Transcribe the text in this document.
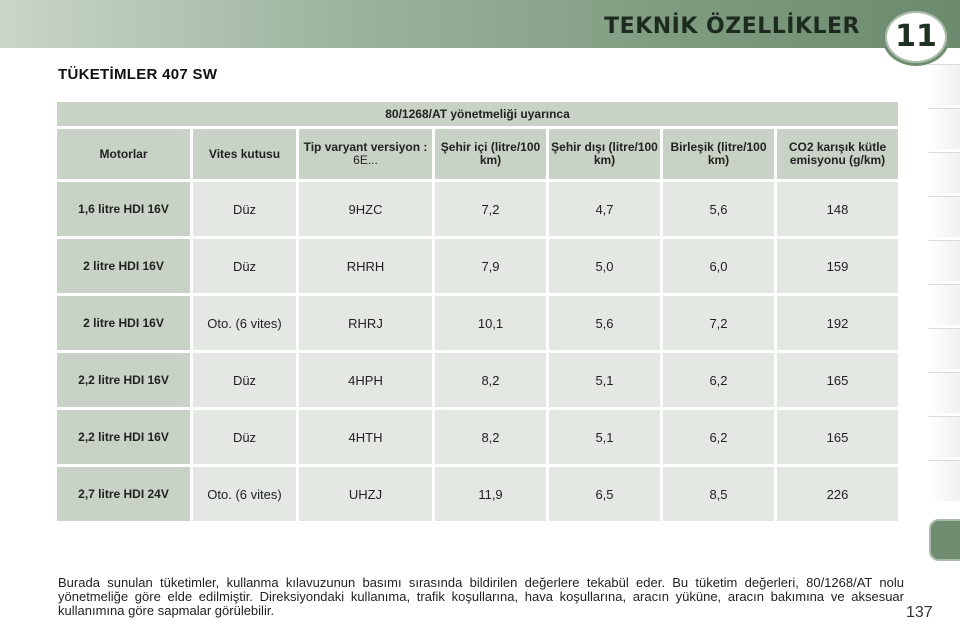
TEKNİK ÖZELLİKLER	11
TÜKETİMLER 407 SW
80/1268/AT yönetmeliği uyarınca						
Motorlar	Vites kutusu	Tip varyant versiyon : 6E...	Şehir içi (litre/100 km)	Şehir dışı (litre/100 km)	Birleşik (litre/100 km)	CO2 karışık kütle emisyonu (g/km)
1,6 litre HDI 16V	Düz	9HZC	7,2	4,7	5,6	148
2 litre HDI 16V	Düz	RHRH	7,9	5,0	6,0	159
2 litre HDI 16V	Oto. (6 vites)	RHRJ	10,1	5,6	7,2	192
2,2 litre HDI 16V	Düz	4HPH	8,2	5,1	6,2	165
2,2 litre HDI 16V	Düz	4HTH	8,2	5,1	6,2	165
2,7 litre HDI 24V	Oto. (6 vites)	UHZJ	11,9	6,5	8,5	226
Burada sunulan tüketimler, kullanma kılavuzunun basımı sırasında bildirilen değerlere tekabül eder. Bu tüketim değerleri, 80/1268/AT nolu yönetmeliğe göre elde edilmiştir. Direksiyondaki kullanıma, trafik koşullarına, hava koşullarına, aracın yüküne, aracın bakımına ve aksesuar kullanımına göre sapmalar görülebilir.	137
